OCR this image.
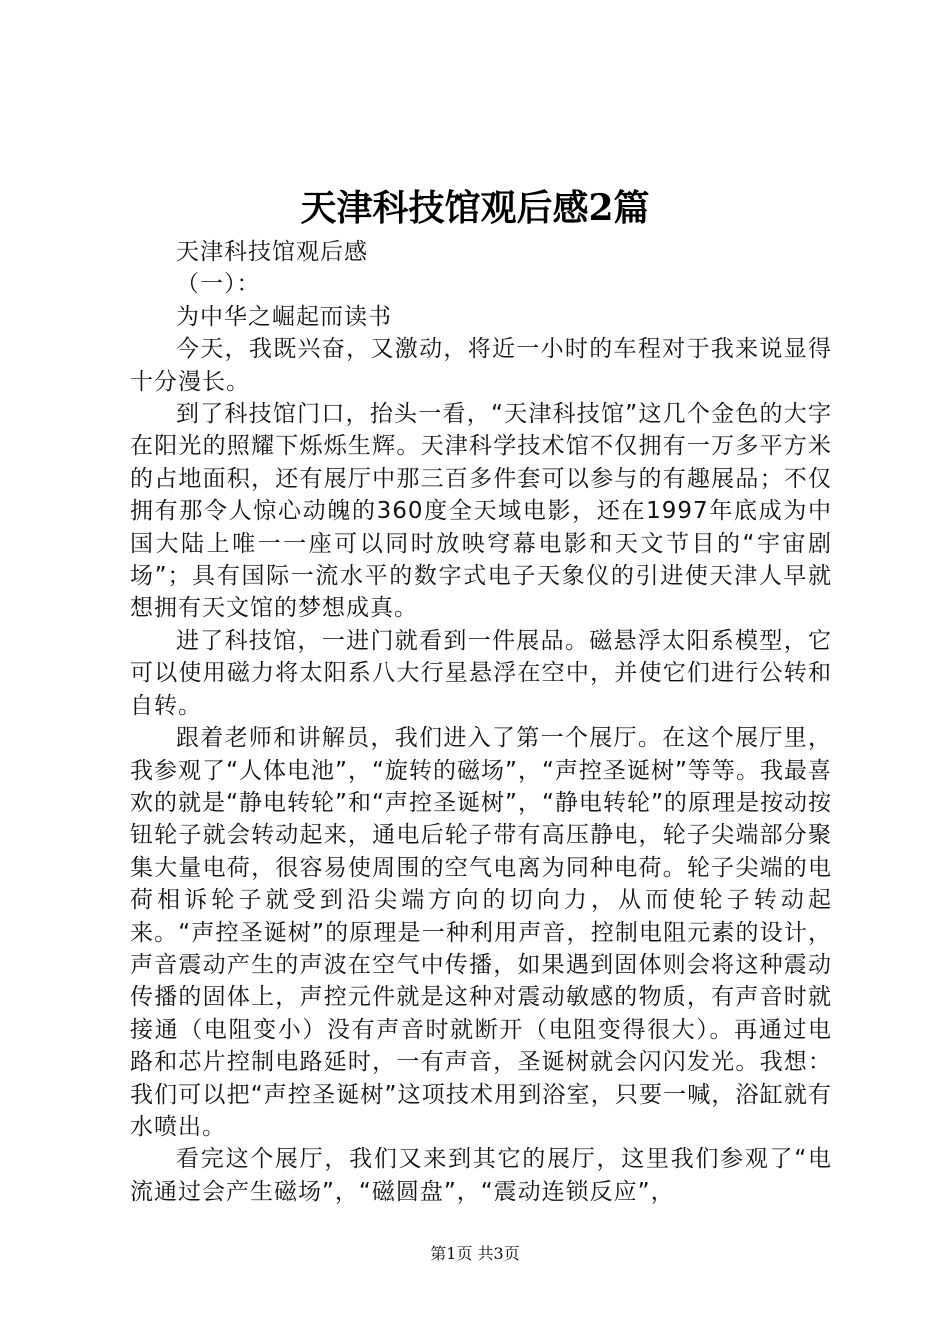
天津科技馆观后感2篇

天津科技馆观后感

（一）：

为中华之崛起而读书

今天，我既兴奋，又激动，将近一小时的车程对于我来说显得十分漫长。

到了科技馆门口，抬头一看，“天津科技馆”这几个金色的大字在阳光的照耀下烁烁生辉。天津科学技术馆不仅拥有一万多平方米的占地面积，还有展厅中那三百多件套可以参与的有趣展品；不仅拥有那令人惊心动魄的360度全天域电影，还在1997年底成为中国大陆上唯一一座可以同时放映穹幕电影和天文节目的“宇宙剧场”；具有国际一流水平的数字式电子天象仪的引进使天津人早就想拥有天文馆的梦想成真。

进了科技馆，一进门就看到一件展品。磁悬浮太阳系模型，它可以使用磁力将太阳系八大行星悬浮在空中，并使它们进行公转和自转。

跟着老师和讲解员，我们进入了第一个展厅。在这个展厅里，我参观了“人体电池”，“旋转的磁场”，“声控圣诞树”等等。我最喜欢的就是“静电转轮”和“声控圣诞树”，“静电转轮”的原理是按动按钮轮子就会转动起来，通电后轮子带有高压静电，轮子尖端部分聚集大量电荷，很容易使周围的空气电离为同种电荷。轮子尖端的电荷相诉轮子就受到沿尖端方向的切向力，从而使轮子转动起来。“声控圣诞树”的原理是一种利用声音，控制电阻元素的设计，声音震动产生的声波在空气中传播，如果遇到固体则会将这种震动传播的固体上，声控元件就是这种对震动敏感的物质，有声音时就接通（电阻变小）没有声音时就断开（电阻变得很大）。再通过电路和芯片控制电路延时，一有声音，圣诞树就会闪闪发光。我想：我们可以把“声控圣诞树”这项技术用到浴室，只要一喊，浴缸就有水喷出。

看完这个展厅，我们又来到其它的展厅，这里我们参观了“电流通过会产生磁场”，“磁圆盘”，“震动连锁反应”，

第1页 共3页
